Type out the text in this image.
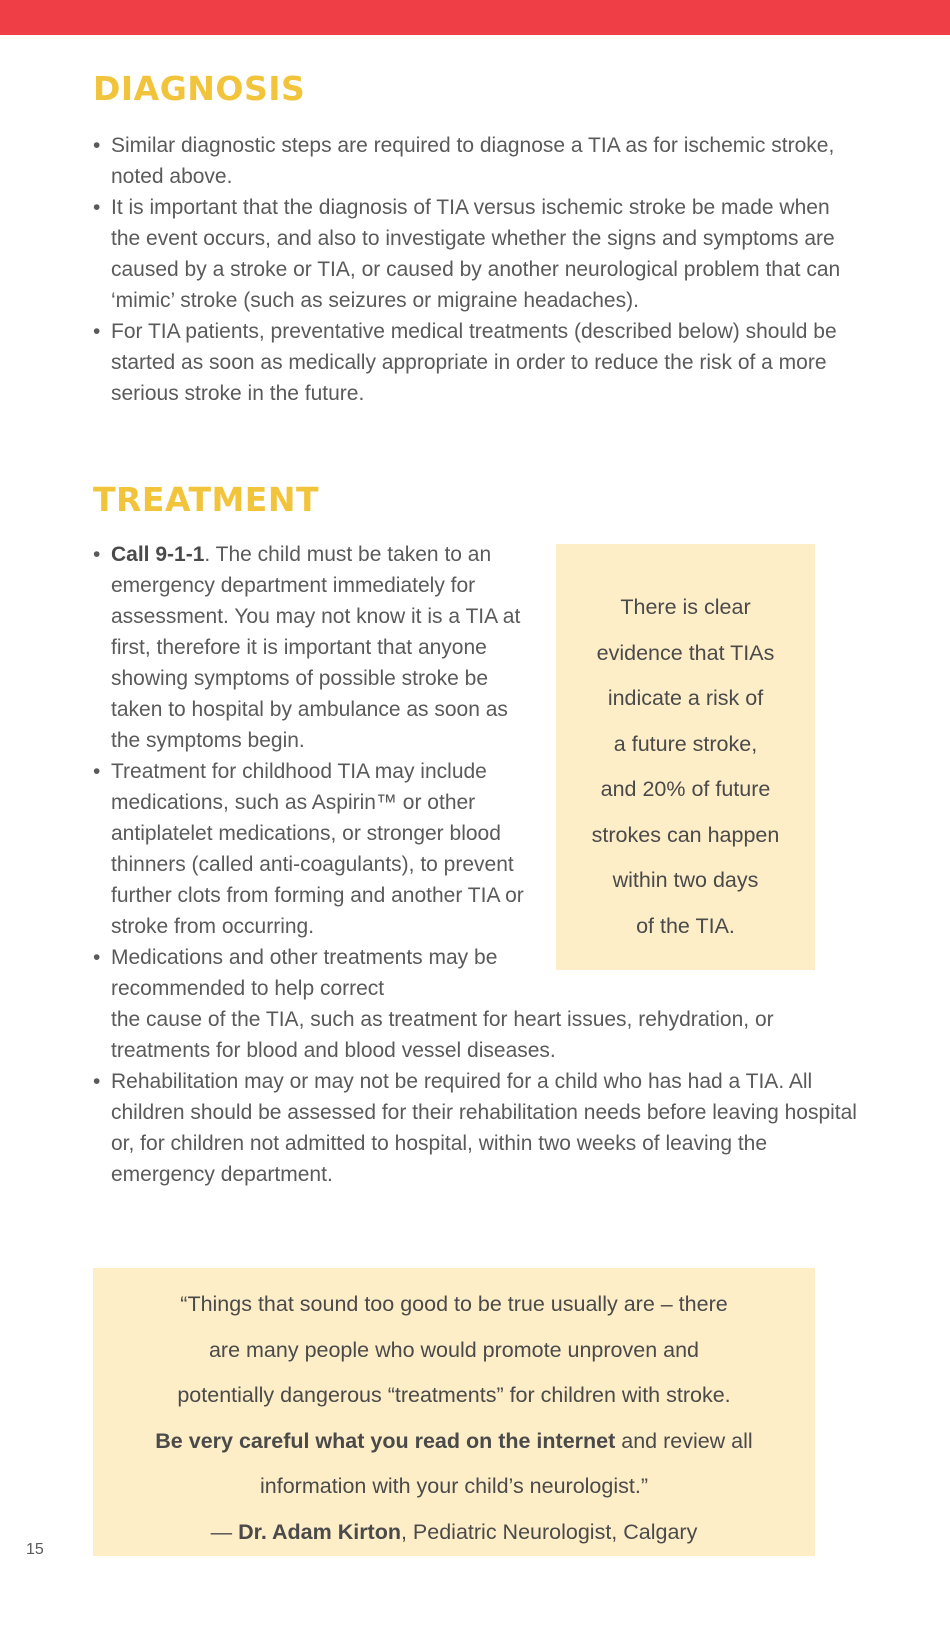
DIAGNOSIS
• Similar diagnostic steps are required to diagnose a TIA as for ischemic stroke, noted above.
• It is important that the diagnosis of TIA versus ischemic stroke be made when the event occurs, and also to investigate whether the signs and symptoms are caused by a stroke or TIA, or caused by another neurological problem that can ‘mimic’ stroke (such as seizures or migraine headaches).
• For TIA patients, preventative medical treatments (described below) should be started as soon as medically appropriate in order to reduce the risk of a more serious stroke in the future.
TREATMENT
• Call 9-1-1. The child must be taken to an emergency department immediately for assessment. You may not know it is a TIA at first, therefore it is important that anyone showing symptoms of possible stroke be taken to hospital by ambulance as soon as the symptoms begin.
• Treatment for childhood TIA may include medications, such as Aspirin™ or other antiplatelet medications, or stronger blood thinners (called anti-coagulants), to prevent further clots from forming and another TIA or stroke from occurring.
• Medications and other treatments may be recommended to help correct
the cause of the TIA, such as treatment for heart issues, rehydration, or treatments for blood and blood vessel diseases.
• Rehabilitation may or may not be required for a child who has had a TIA. All children should be assessed for their rehabilitation needs before leaving hospital or, for children not admitted to hospital, within two weeks of leaving the emergency department.
There is clear
evidence that TIAs
indicate a risk of
a future stroke,
and 20% of future
strokes can happen
within two days
of the TIA.

“Things that sound too good to be true usually are – there

are many people who would promote unproven and

potentially dangerous “treatments” for children with stroke.

Be very careful what you read on the internet and review all

information with your child’s neurologist.”

— Dr. Adam Kirton, Pediatric Neurologist, Calgary

15
